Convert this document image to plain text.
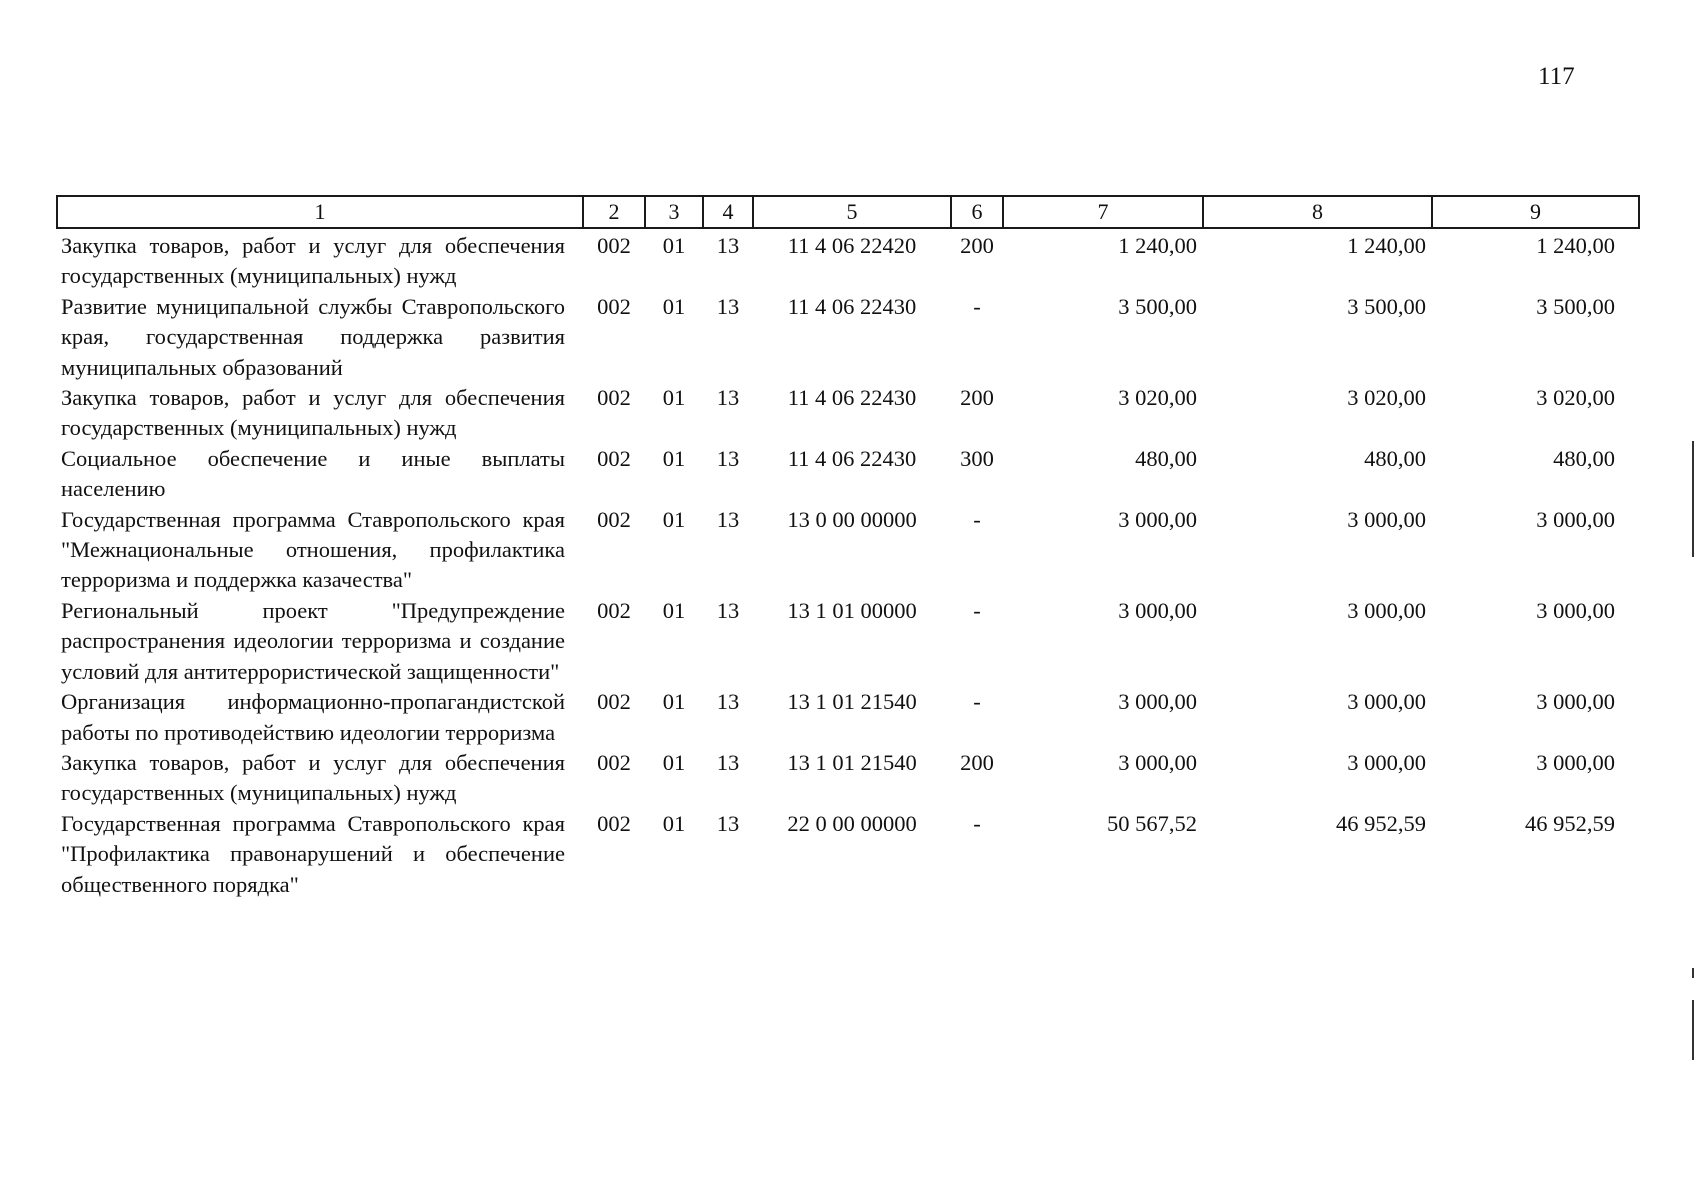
117
1	2	3	4	5	6	7	8	9
Закупка товаров, работ и услуг для обеспечения государственных (муниципальных) нужд	002	01	13	11 4 06 22420	200	1 240,00	1 240,00	1 240,00
Развитие муниципальной службы Ставропольского края, государственная поддержка развития муниципальных образований	002	01	13	11 4 06 22430	-	3 500,00	3 500,00	3 500,00
Закупка товаров, работ и услуг для обеспечения государственных (муниципальных) нужд	002	01	13	11 4 06 22430	200	3 020,00	3 020,00	3 020,00
Социальное обеспечение и иные выплаты населению	002	01	13	11 4 06 22430	300	480,00	480,00	480,00
Государственная программа Ставропольского края "Межнациональные отношения, профилактика терроризма и поддержка казачества"	002	01	13	13 0 00 00000	-	3 000,00	3 000,00	3 000,00
Региональный проект "Предупреждение распространения идеологии терроризма и создание условий для антитеррористической защищенности"	002	01	13	13 1 01 00000	-	3 000,00	3 000,00	3 000,00
Организация информационно-пропагандистской работы по противодействию идеологии терроризма	002	01	13	13 1 01 21540	-	3 000,00	3 000,00	3 000,00
Закупка товаров, работ и услуг для обеспечения государственных (муниципальных) нужд	002	01	13	13 1 01 21540	200	3 000,00	3 000,00	3 000,00
Государственная программа Ставропольского края "Профилактика правонарушений и обеспечение общественного порядка"	002	01	13	22 0 00 00000	-	50 567,52	46 952,59	46 952,59
